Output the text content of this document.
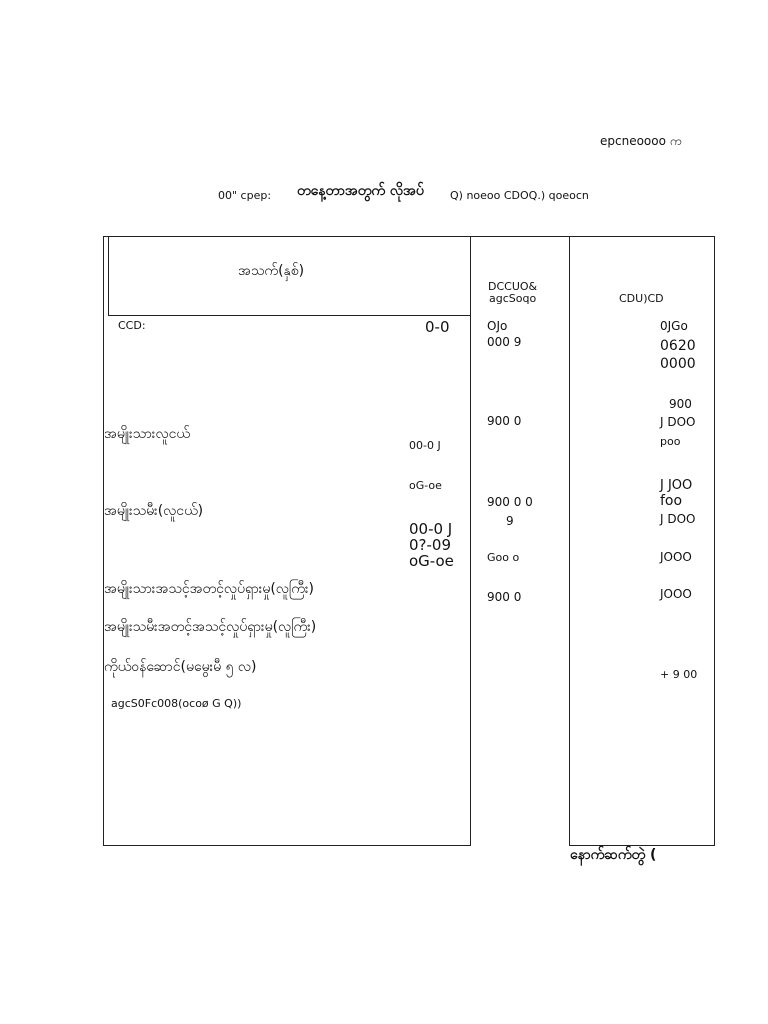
epcneoooo က
00" cpep: တနေ့တာအတွက် လိုအပ် Q) noeoo CDOQ.) qoeocn
အသက်(နှစ်)
DCCUO&
agcSoqo	CDU)CD
CCD:	0-0
အမျိုးသားလူငယ်
00-0 J
oG-oe
အမျိုးသမီး(လူငယ်)
00-0 J
0?-09
oG-oe
အမျိုးသားအသင့်အတင့်လှုပ်ရှားမှု(လူကြီး)
အမျိုးသမီးအတင့်အသင့်လှုပ်ရှားမှု(လူကြီး)
ကိုယ်ဝန်ဆောင်(မမွေးမီ ၅ လ)
agcS0Fc008(ocoø G Q))
OJo
000 9
900 0
900 0 0
9
Goo o
900 0
0JGo
0620
0000
900
J DOO
poo
J JOO
foo
J DOO
JOOO
JOOO
+ 9 00
နောက်ဆက်တွဲ (
